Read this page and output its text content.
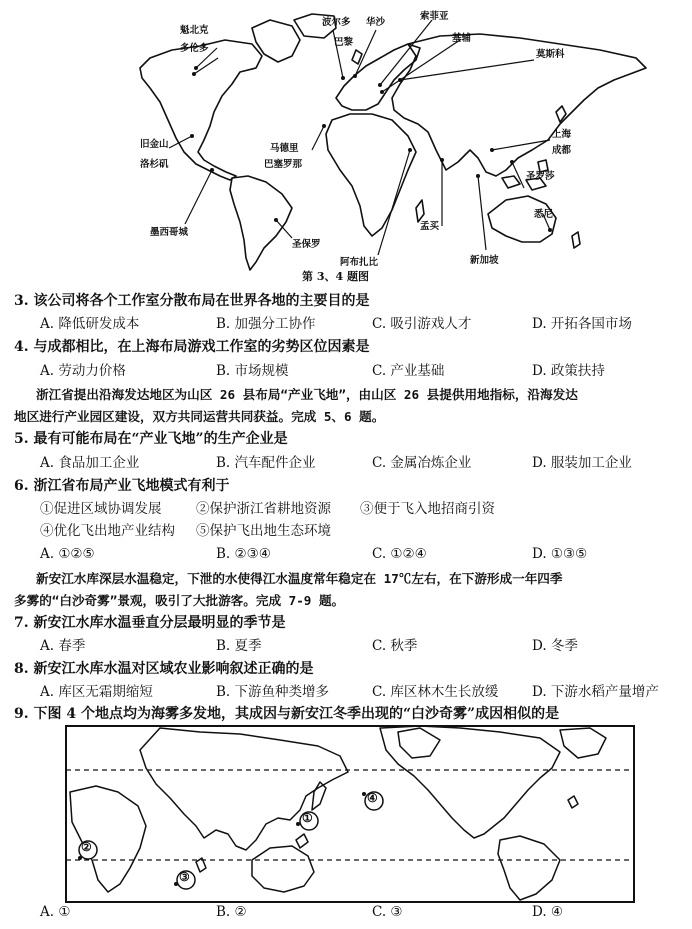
魁北克
多伦多
波尔多 华沙
巴黎
索菲亚
基辅
莫斯科
旧金山
洛杉矶
马德里
巴塞罗那
上海
成都
圣罗莎
墨西哥城
圣保罗
阿布扎比
孟买
新加坡
悉尼
第 3、4 题图
3. 该公司将各个工作室分散布局在世界各地的主要目的是
A. 降低研发成本	B. 加强分工协作	C. 吸引游戏人才	D. 开拓各国市场
4. 与成都相比，在上海布局游戏工作室的劣势区位因素是
A. 劳动力价格	B. 市场规模	C. 产业基础	D. 政策扶持
浙江省提出沿海发达地区为山区 26 县布局“产业飞地”，由山区 26 县提供用地指标，沿海发达
地区进行产业园区建设，双方共同运营共同获益。完成 5、6 题。
5. 最有可能布局在“产业飞地”的生产企业是
A. 食品加工企业	B. 汽车配件企业	C. 金属冶炼企业	D. 服装加工企业
6. 浙江省布局产业飞地模式有利于
①促进区域协调发展	②保护浙江省耕地资源 ③便于飞入地招商引资
④优化飞出地产业结构 ⑤保护飞出地生态环境
A. ①②⑤	B. ②③④	C. ①②④	D. ①③⑤
新安江水库深层水温稳定，下泄的水使得江水温度常年稳定在 17℃左右，在下游形成一年四季
多雾的“白沙奇雾”景观，吸引了大批游客。完成 7-9 题。
7. 新安江水库水温垂直分层最明显的季节是
A. 春季	B. 夏季	C. 秋季	D. 冬季
8. 新安江水库水温对区域农业影响叙述正确的是
A. 库区无霜期缩短	B. 下游鱼种类增多	C. 库区林木生长放缓 D. 下游水稻产量增产
9. 下图 4 个地点均为海雾多发地，其成因与新安江冬季出现的“白沙奇雾”成因相似的是
①
②
③
④
A. ①	B. ②	C. ③	D. ④
